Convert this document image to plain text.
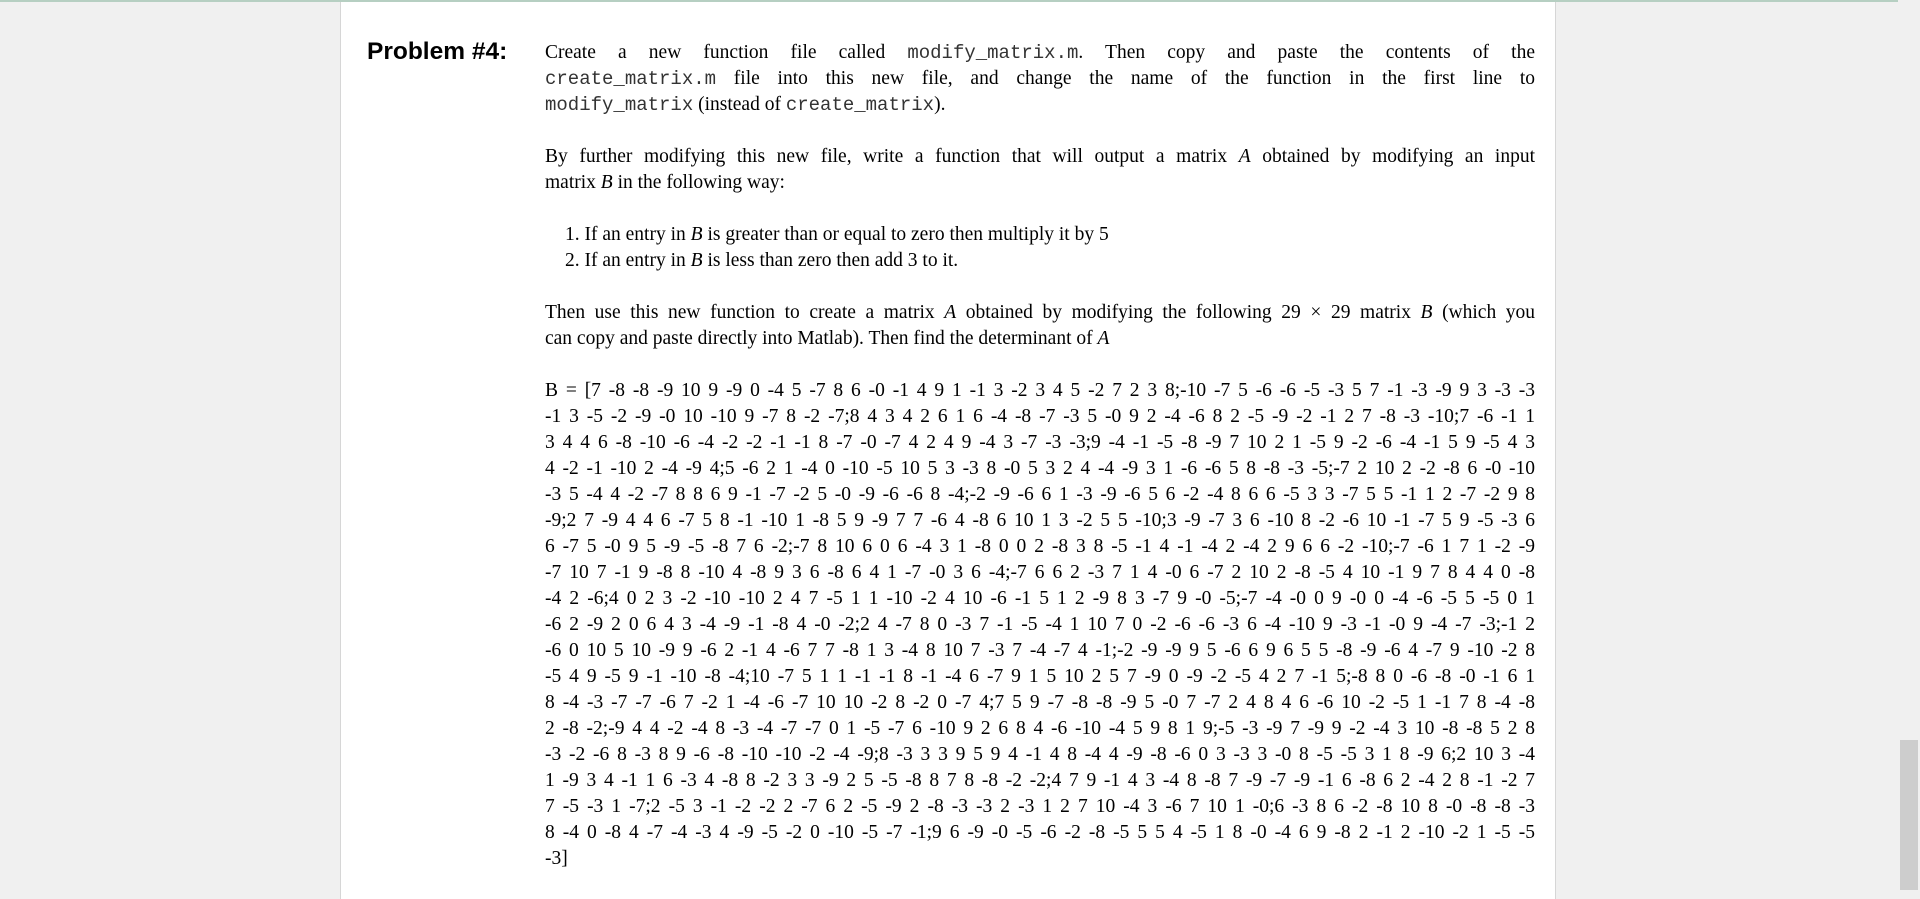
Problem #4: Create a new function file called modify_matrix.m. Then copy and paste the contents of the
create_matrix.m file into this new file, and change the name of the function in the first line to
modify_matrix (instead of create_matrix).
By further modifying this new file, write a function that will output a matrix A obtained by modifying an input
matrix B in the following way:
1. If an entry in B is greater than or equal to zero then multiply it by 5
2. If an entry in B is less than zero then add 3 to it.
Then use this new function to create a matrix A obtained by modifying the following 29 × 29 matrix B (which you
can copy and paste directly into Matlab). Then find the determinant of A
B = [7 -8 -8 -9 10 9 -9 0 -4 5 -7 8 6 -0 -1 4 9 1 -1 3 -2 3 4 5 -2 7 2 3 8;-10 -7 5 -6 -6 -5 -3 5 7 -1 -3 -9 9 3 -3 -3
-1 3 -5 -2 -9 -0 10 -10 9 -7 8 -2 -7;8 4 3 4 2 6 1 6 -4 -8 -7 -3 5 -0 9 2 -4 -6 8 2 -5 -9 -2 -1 2 7 -8 -3 -10;7 -6 -1 1
3 4 4 6 -8 -10 -6 -4 -2 -2 -1 -1 8 -7 -0 -7 4 2 4 9 -4 3 -7 -3 -3;9 -4 -1 -5 -8 -9 7 10 2 1 -5 9 -2 -6 -4 -1 5 9 -5 4 3
4 -2 -1 -10 2 -4 -9 4;5 -6 2 1 -4 0 -10 -5 10 5 3 -3 8 -0 5 3 2 4 -4 -9 3 1 -6 -6 5 8 -8 -3 -5;-7 2 10 2 -2 -8 6 -0 -10
-3 5 -4 4 -2 -7 8 8 6 9 -1 -7 -2 5 -0 -9 -6 -6 8 -4;-2 -9 -6 6 1 -3 -9 -6 5 6 -2 -4 8 6 6 -5 3 3 -7 5 5 -1 1 2 -7 -2 9 8
-9;2 7 -9 4 4 6 -7 5 8 -1 -10 1 -8 5 9 -9 7 7 -6 4 -8 6 10 1 3 -2 5 5 -10;3 -9 -7 3 6 -10 8 -2 -6 10 -1 -7 5 9 -5 -3 6
6 -7 5 -0 9 5 -9 -5 -8 7 6 -2;-7 8 10 6 0 6 -4 3 1 -8 0 0 2 -8 3 8 -5 -1 4 -1 -4 2 -4 2 9 6 6 -2 -10;-7 -6 1 7 1 -2 -9
-7 10 7 -1 9 -8 8 -10 4 -8 9 3 6 -8 6 4 1 -7 -0 3 6 -4;-7 6 6 2 -3 7 1 4 -0 6 -7 2 10 2 -8 -5 4 10 -1 9 7 8 4 4 0 -8
-4 2 -6;4 0 2 3 -2 -10 -10 2 4 7 -5 1 1 -10 -2 4 10 -6 -1 5 1 2 -9 8 3 -7 9 -0 -5;-7 -4 -0 0 9 -0 0 -4 -6 -5 5 -5 0 1
-6 2 -9 2 0 6 4 3 -4 -9 -1 -8 4 -0 -2;2 4 -7 8 0 -3 7 -1 -5 -4 1 10 7 0 -2 -6 -6 -3 6 -4 -10 9 -3 -1 -0 9 -4 -7 -3;-1 2
-6 0 10 5 10 -9 9 -6 2 -1 4 -6 7 7 -8 1 3 -4 8 10 7 -3 7 -4 -7 4 -1;-2 -9 -9 9 5 -6 6 9 6 5 5 -8 -9 -6 4 -7 9 -10 -2 8
-5 4 9 -5 9 -1 -10 -8 -4;10 -7 5 1 1 -1 -1 8 -1 -4 6 -7 9 1 5 10 2 5 7 -9 0 -9 -2 -5 4 2 7 -1 5;-8 8 0 -6 -8 -0 -1 6 1
8 -4 -3 -7 -7 -6 7 -2 1 -4 -6 -7 10 10 -2 8 -2 0 -7 4;7 5 9 -7 -8 -8 -9 5 -0 7 -7 2 4 8 4 6 -6 10 -2 -5 1 -1 7 8 -4 -8
2 -8 -2;-9 4 4 -2 -4 8 -3 -4 -7 -7 0 1 -5 -7 6 -10 9 2 6 8 4 -6 -10 -4 5 9 8 1 9;-5 -3 -9 7 -9 9 -2 -4 3 10 -8 -8 5 2 8
-3 -2 -6 8 -3 8 9 -6 -8 -10 -10 -2 -4 -9;8 -3 3 3 9 5 9 4 -1 4 8 -4 4 -9 -8 -6 0 3 -3 3 -0 8 -5 -5 3 1 8 -9 6;2 10 3 -4
1 -9 3 4 -1 1 6 -3 4 -8 8 -2 3 3 -9 2 5 -5 -8 8 7 8 -8 -2 -2;4 7 9 -1 4 3 -4 8 -8 7 -9 -7 -9 -1 6 -8 6 2 -4 2 8 -1 -2 7
7 -5 -3 1 -7;2 -5 3 -1 -2 -2 2 -7 6 2 -5 -9 2 -8 -3 -3 2 -3 1 2 7 10 -4 3 -6 7 10 1 -0;6 -3 8 6 -2 -8 10 8 -0 -8 -8 -3
8 -4 0 -8 4 -7 -4 -3 4 -9 -5 -2 0 -10 -5 -7 -1;9 6 -9 -0 -5 -6 -2 -8 -5 5 5 4 -5 1 8 -0 -4 6 9 -8 2 -1 2 -10 -2 1 -5 -5
-3]
